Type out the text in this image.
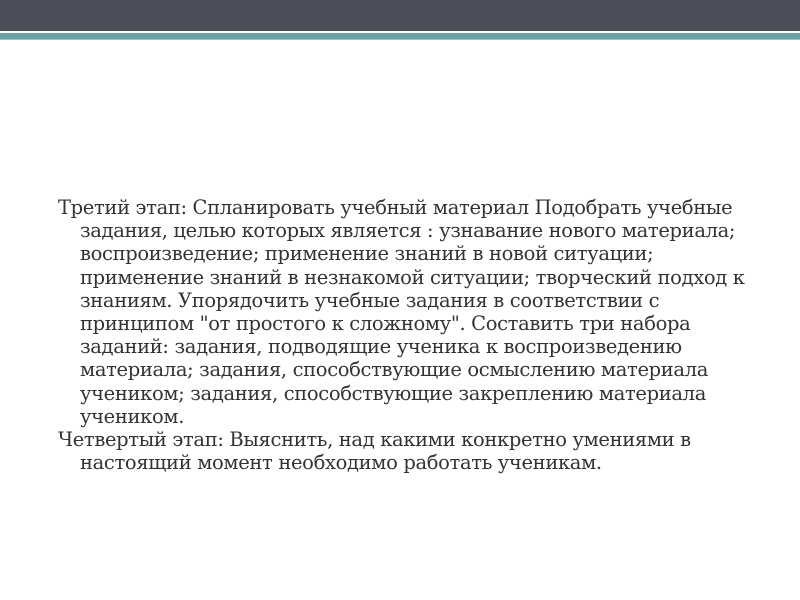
Третий этап: Спланировать учебный материал Подобрать учебные задания, целью которых является : узнавание нового материала; воспроизведение; применение знаний в новой ситуации; применение знаний в незнакомой ситуации; творческий подход к знаниям. Упорядочить учебные задания в соответствии с принципом "от простого к сложному". Составить три набора заданий: задания, подводящие ученика к воспроизведению материала; задания, способствующие осмыслению материала учеником; задания, способствующие закреплению материала учеником.

Четвертый этап: Выяснить, над какими конкретно умениями в настоящий момент необходимо работать ученикам.
